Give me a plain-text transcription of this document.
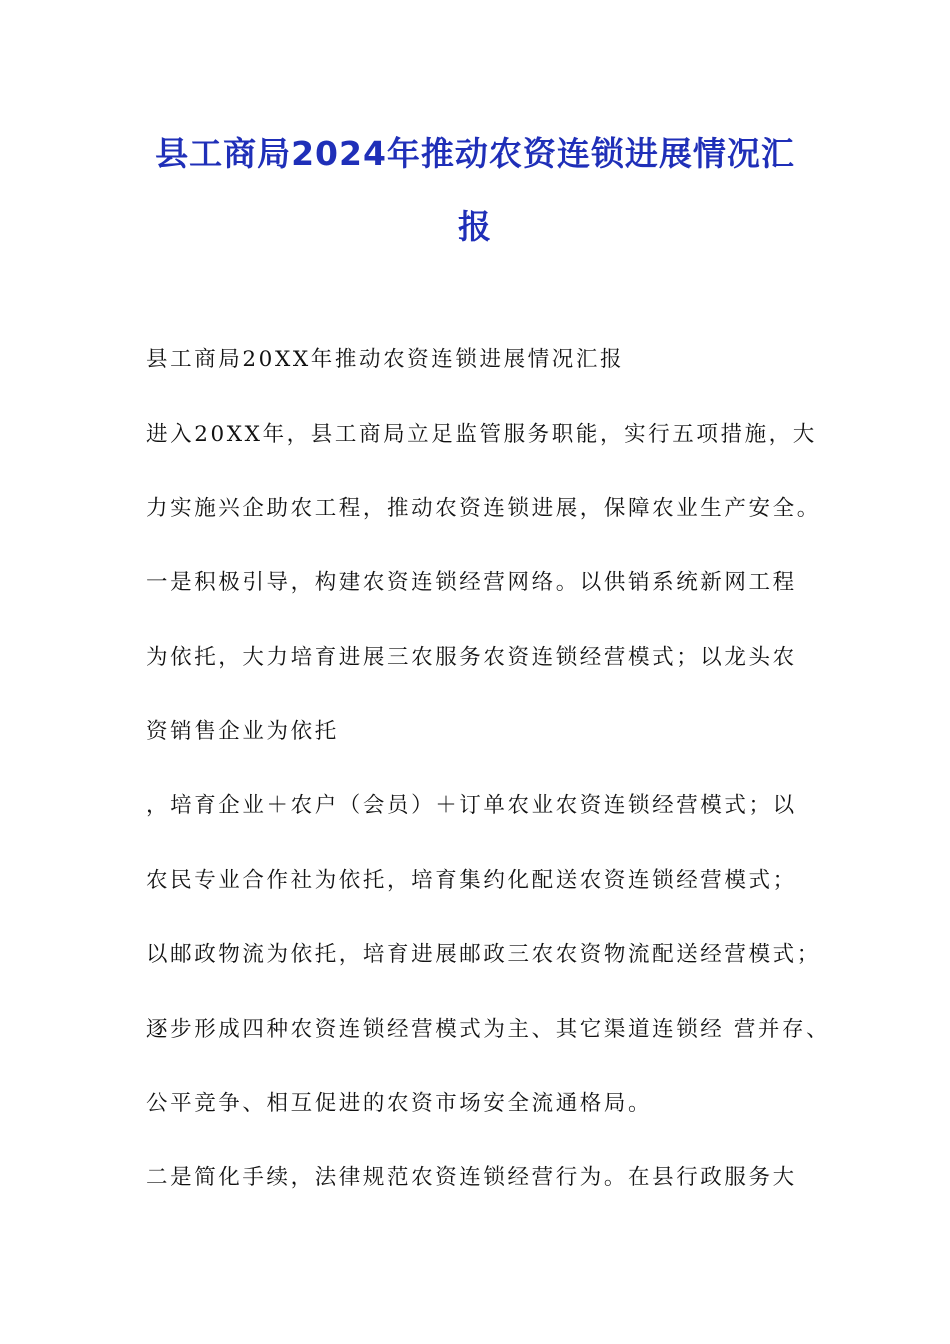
县工商局2024年推动农资连锁进展情况汇
报
县工商局20XX年推动农资连锁进展情况汇报
进入20XX年，县工商局立足监管服务职能，实行五项措施，大
力实施兴企助农工程，推动农资连锁进展，保障农业生产安全。
一是积极引导，构建农资连锁经营网络。以供销系统新网工程
为依托，大力培育进展三农服务农资连锁经营模式；以龙头农
资销售企业为依托
，培育企业＋农户（会员）＋订单农业农资连锁经营模式；以
农民专业合作社为依托，培育集约化配送农资连锁经营模式；
以邮政物流为依托，培育进展邮政三农农资物流配送经营模式；
逐步形成四种农资连锁经营模式为主、其它渠道连锁经 营并存、
公平竞争、相互促进的农资市场安全流通格局。
二是简化手续，法律规范农资连锁经营行为。在县行政服务大
